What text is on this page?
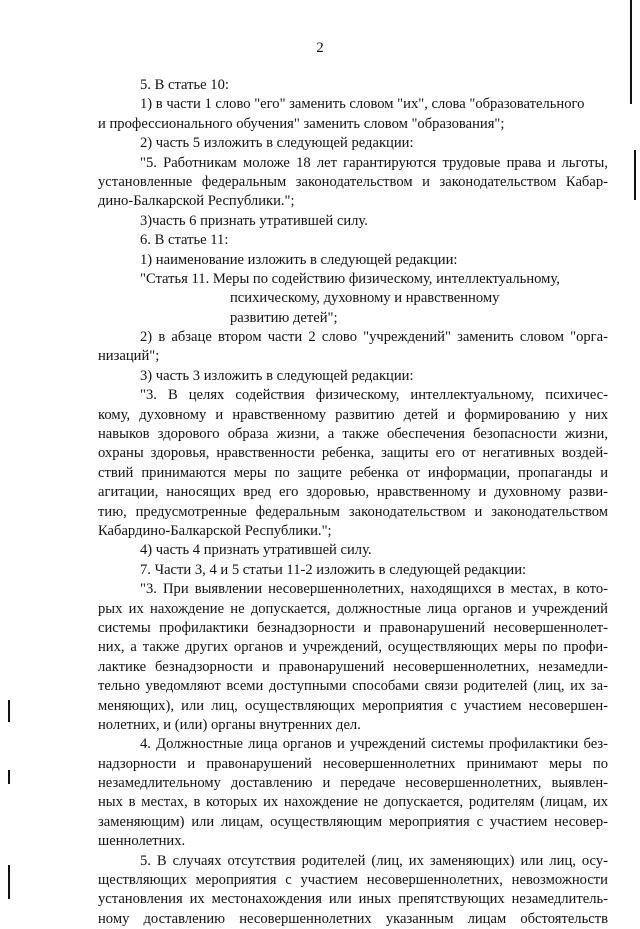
2
5. В статье 10:
1) в части 1 слово "его" заменить словом "их", слова "образовательного
и профессионального обучения" заменить словом "образования";
2) часть 5 изложить в следующей редакции:
"5. Работникам моложе 18 лет гарантируются трудовые права и льготы,
установленные федеральным законодательством и законодательством Кабар-
дино-Балкарской Республики.";
3)часть 6 признать утратившей силу.
6. В статье 11:
1) наименование изложить в следующей редакции:
"Статья 11. Меры по содействию физическому, интеллектуальному,
психическому, духовному и нравственному
развитию детей";
2) в абзаце втором части 2 слово "учреждений" заменить словом "орга-
низаций";
3) часть 3 изложить в следующей редакции:
"3. В целях содействия физическому, интеллектуальному, психичес-
кому, духовному и нравственному развитию детей и формированию у них
навыков здорового образа жизни, а также обеспечения безопасности жизни,
охраны здоровья, нравственности ребенка, защиты его от негативных воздей-
ствий принимаются меры по защите ребенка от информации, пропаганды и
агитации, наносящих вред его здоровью, нравственному и духовному разви-
тию, предусмотренные федеральным законодательством и законодательством
Кабардино-Балкарской Республики.";
4) часть 4 признать утратившей силу.
7. Части 3, 4 и 5 статьи 11-2 изложить в следующей редакции:
"3. При выявлении несовершеннолетних, находящихся в местах, в кото-
рых их нахождение не допускается, должностные лица органов и учреждений
системы профилактики безнадзорности и правонарушений несовершеннолет-
них, а также других органов и учреждений, осуществляющих меры по профи-
лактике безнадзорности и правонарушений несовершеннолетних, незамедли-
тельно уведомляют всеми доступными способами связи родителей (лиц, их за-
меняющих), или лиц, осуществляющих мероприятия с участием несовершен-
нолетних, и (или) органы внутренних дел.
4. Должностные лица органов и учреждений системы профилактики без-
надзорности и правонарушений несовершеннолетних принимают меры по
незамедлительному доставлению и передаче несовершеннолетних, выявлен-
ных в местах, в которых их нахождение не допускается, родителям (лицам, их
заменяющим) или лицам, осуществляющим мероприятия с участием несовер-
шеннолетних.
5. В случаях отсутствия родителей (лиц, их заменяющих) или лиц, осу-
ществляющих мероприятия с участием несовершеннолетних, невозможности
установления их местонахождения или иных препятствующих незамедлитель-
ному доставлению несовершеннолетних указанным лицам обстоятельств
